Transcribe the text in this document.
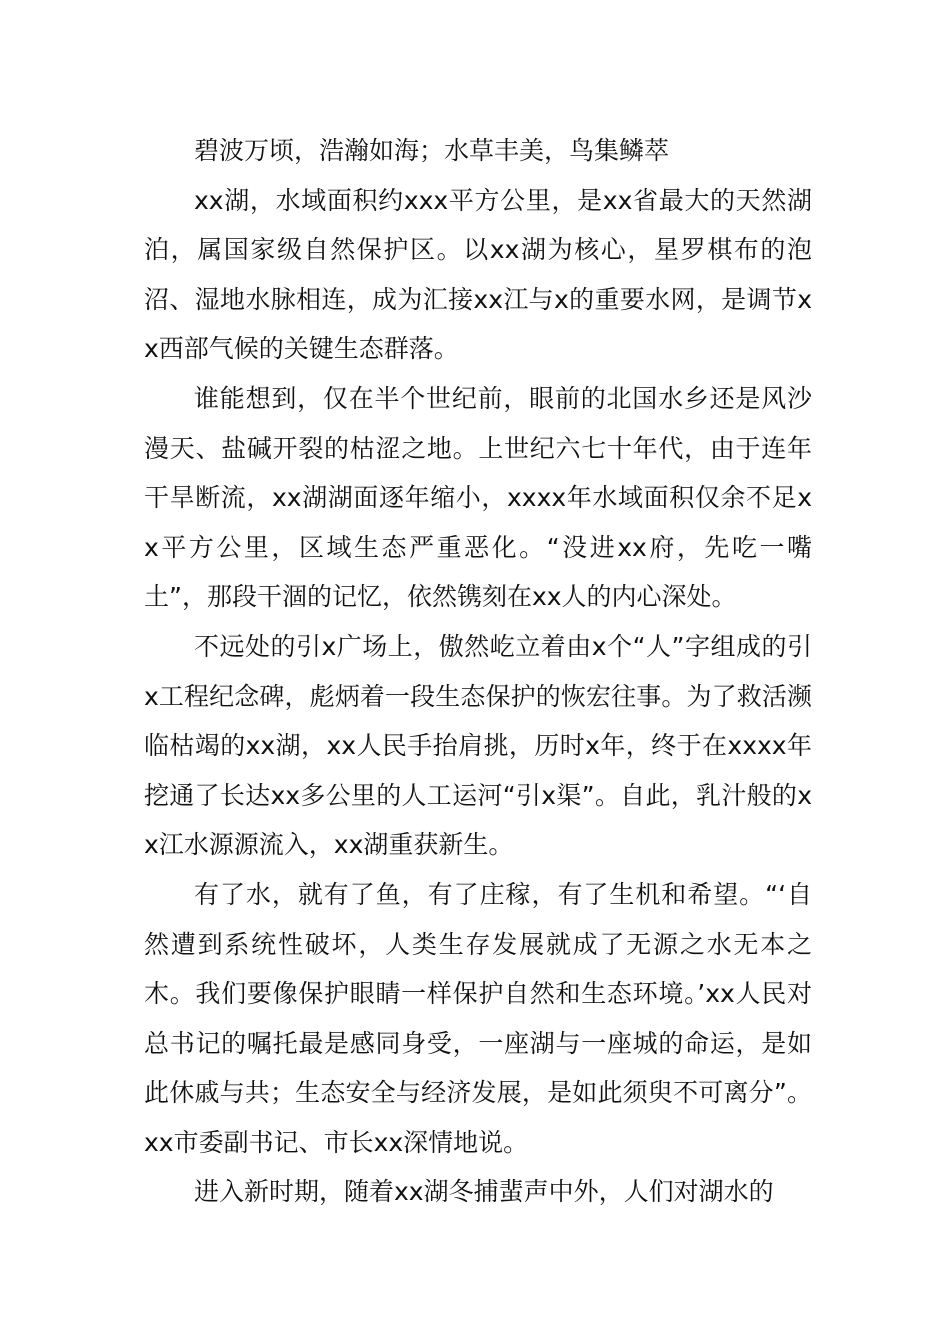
碧波万顷，浩瀚如海；水草丰美，鸟集鳞萃

xx湖，水域面积约xxx平方公里，是xx省最大的天然湖泊，属国家级自然保护区。以xx湖为核心，星罗棋布的泡沼、湿地水脉相连，成为汇接xx江与x的重要水网，是调节xx西部气候的关键生态群落。

谁能想到，仅在半个世纪前，眼前的北国水乡还是风沙漫天、盐碱开裂的枯涩之地。上世纪六七十年代，由于连年干旱断流，xx湖湖面逐年缩小，xxxx年水域面积仅余不足xx平方公里，区域生态严重恶化。“没进xx府，先吃一嘴土”，那段干涸的记忆，依然镌刻在xx人的内心深处。

不远处的引x广场上，傲然屹立着由x个“人”字组成的引x工程纪念碑，彪炳着一段生态保护的恢宏往事。为了救活濒临枯竭的xx湖，xx人民手抬肩挑，历时x年，终于在xxxx年挖通了长达xx多公里的人工运河“引x渠”。自此，乳汁般的xx江水源源流入，xx湖重获新生。

有了水，就有了鱼，有了庄稼，有了生机和希望。“‘自然遭到系统性破坏，人类生存发展就成了无源之水无本之木。我们要像保护眼睛一样保护自然和生态环境。’xx人民对总书记的嘱托最是感同身受，一座湖与一座城的命运，是如此休戚与共；生态安全与经济发展，是如此须臾不可离分”。xx市委副书记、市长xx深情地说。

进入新时期，随着xx湖冬捕蜚声中外，人们对湖水的
